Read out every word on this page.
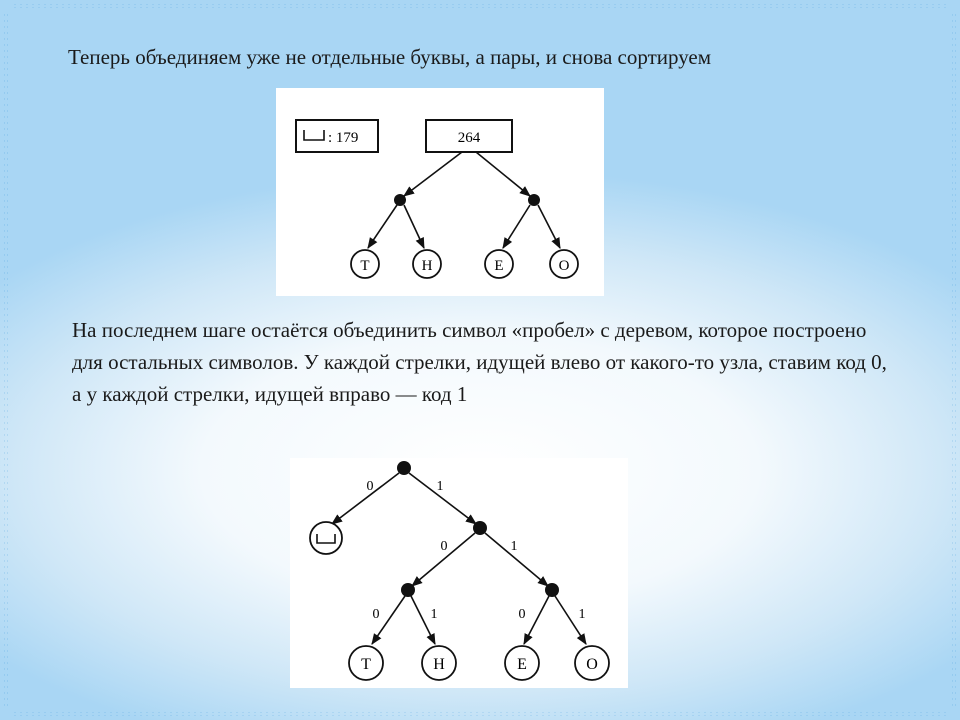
Теперь объединяем уже не отдельные буквы, а пары, и снова сортируем
: 179	264
Т	Н	Е	О
На последнем шаге остаётся объединить символ «пробел» с деревом, которое построено для остальных символов. У каждой стрелки, идущей влево от какого-то узла, ставим код 0, а у каждой стрелки, идущей вправо — код 1
0	1
0	1
0	1	0	1
Т	Н	Е	О
